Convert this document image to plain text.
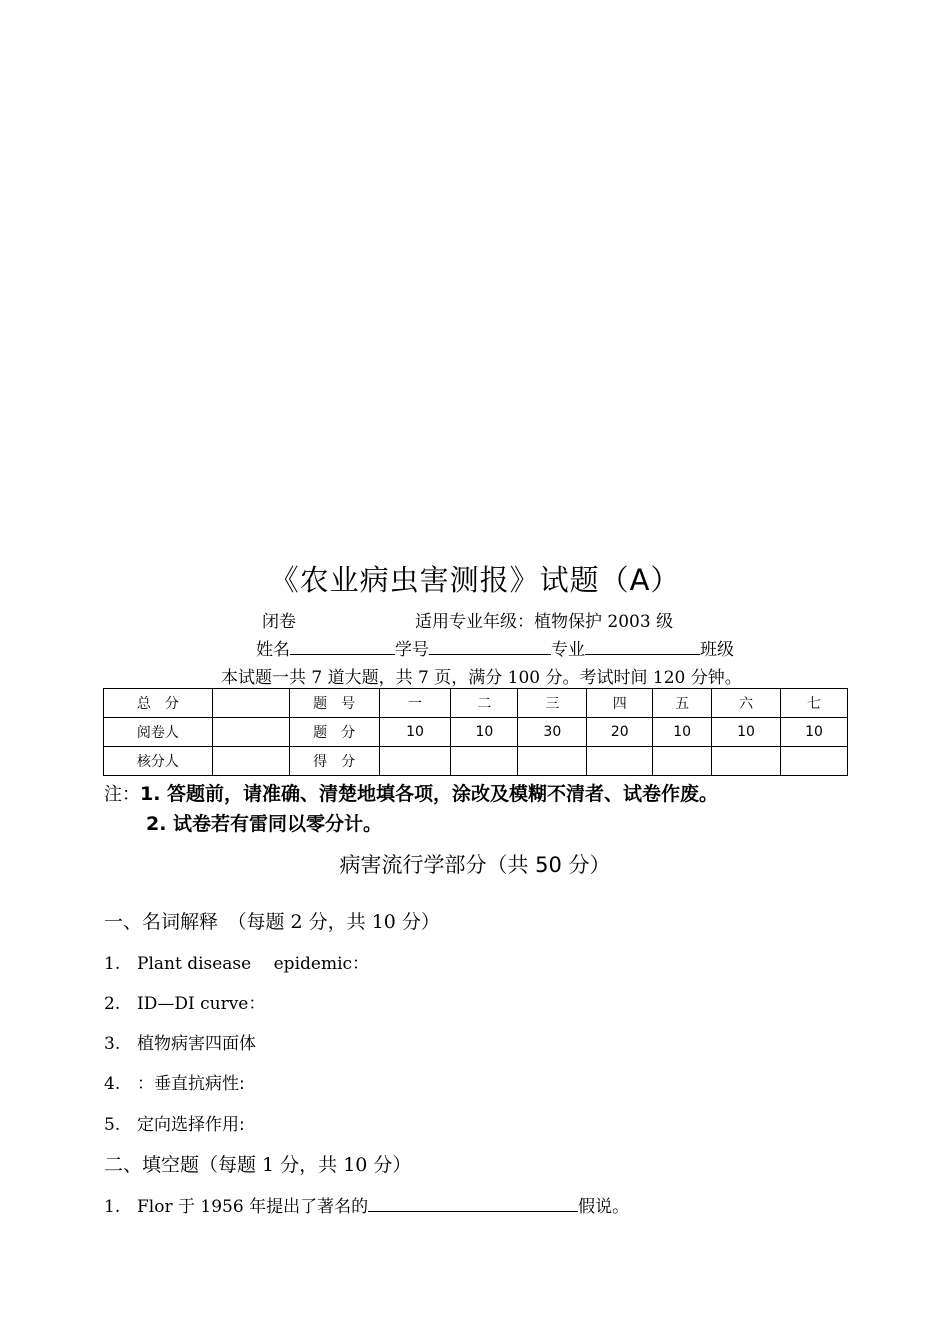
《农业病虫害测报》试题（A）
闭卷	适用专业年级：植物保护 2003 级
姓名	学号	专业	班级
本试题一共 7 道大题，共 7 页，满分 100 分。考试时间 120 分钟。
总　分		题　号	一	二	三	四	五	六	七
阅卷人		题　分	10	10	30	20	10	10	10
核分人		得　分							
注：1. 答题前，请准确、清楚地填各项，涂改及模糊不清者、试卷作废。
2. 试卷若有雷同以零分计。
病害流行学部分（共 50 分）
一、名词解释　（每题 2 分，共 10 分）
1. Plant disease　 epidemic：
2. ID—DI curve：
3. 植物病害四面体
4. ：垂直抗病性:
5. 定向选择作用:
二、填空题（每题 1 分，共 10 分）
1. Flor 于 1956 年提出了著名的	假说。
